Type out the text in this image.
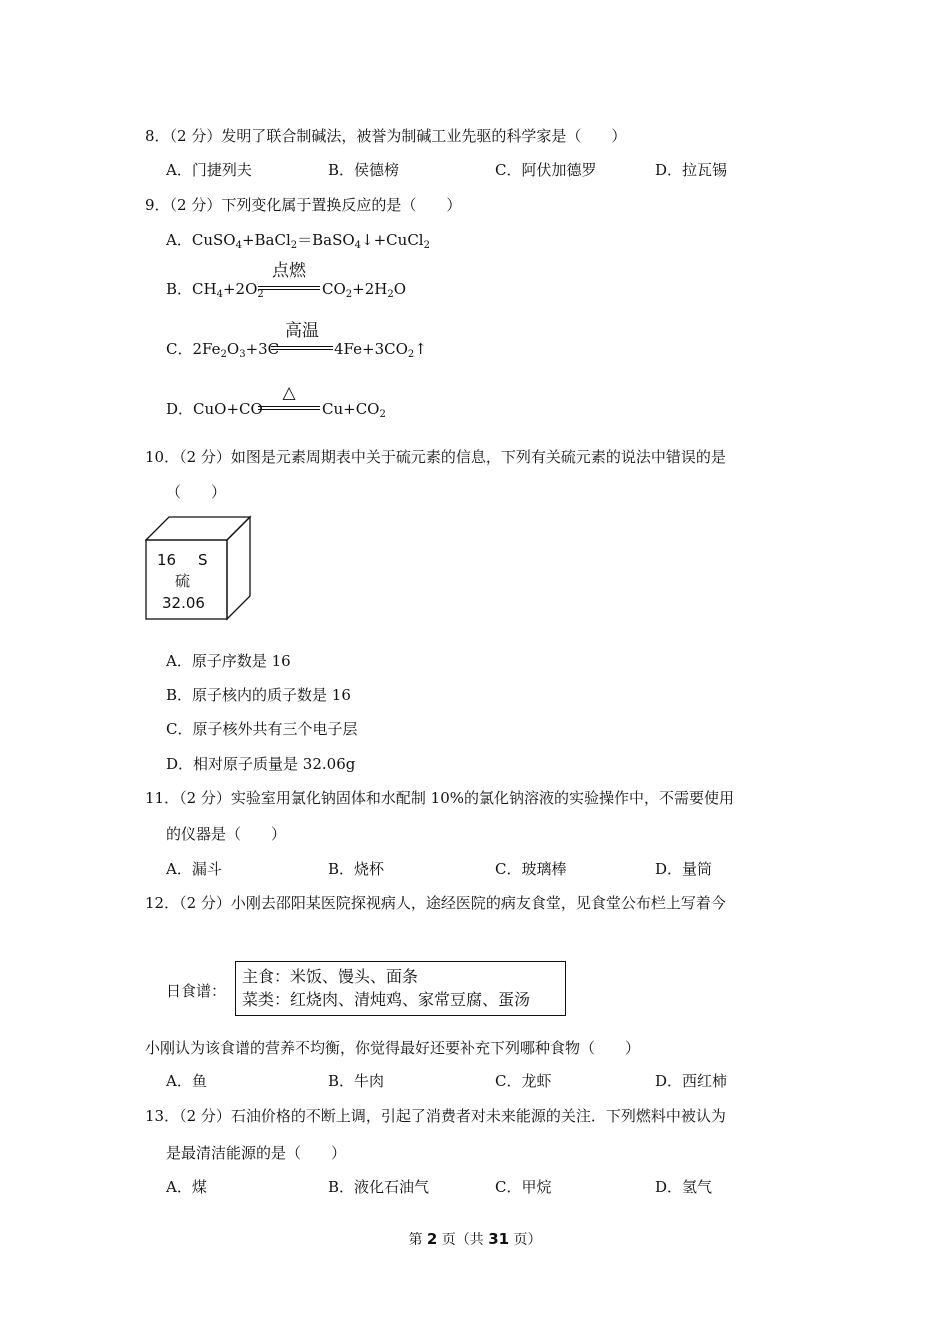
8．（2 分）发明了联合制碱法，被誉为制碱工业先驱的科学家是（　　）
A．门捷列夫	B．侯德榜	C．阿伏加德罗	D．拉瓦锡
9．（2 分）下列变化属于置换反应的是（　　）
A．CuSO$_4$+BaCl$_2$＝BaSO$_4$↓+CuCl$_2$
B．$CH_4+2O_2$
点燃
$CO_2+2H_2O$
C．$2Fe_2O_3+3C$
高温
$4Fe+3CO_2↑$
D．CuO+CO
△
$Cu+CO_2$
10．（2 分）如图是元素周期表中关于硫元素的信息，下列有关硫元素的说法中错误的是
（　　）
16 S
硫
32.06
A．原子序数是 16
B．原子核内的质子数是 16
C．原子核外共有三个电子层
D．相对原子质量是 32.06g
11．（2 分）实验室用氯化钠固体和水配制 10%的氯化钠溶液的实验操作中，不需要使用
的仪器是（　　）
A．漏斗	B．烧杯	C．玻璃棒	D．量筒
12．（2 分）小刚去邵阳某医院探视病人，途经医院的病友食堂，见食堂公布栏上写着今
日食谱：
主食：米饭、馒头、面条
菜类：红烧肉、清炖鸡、家常豆腐、蛋汤
小刚认为该食谱的营养不均衡，你觉得最好还要补充下列哪种食物（　　）
A．鱼	B．牛肉	C．龙虾	D．西红柿
13．（2 分）石油价格的不断上调，引起了消费者对未来能源的关注．下列燃料中被认为
是最清洁能源的是（　　）
A．煤	B．液化石油气	C．甲烷	D．氢气
第 2 页（共 31 页）
